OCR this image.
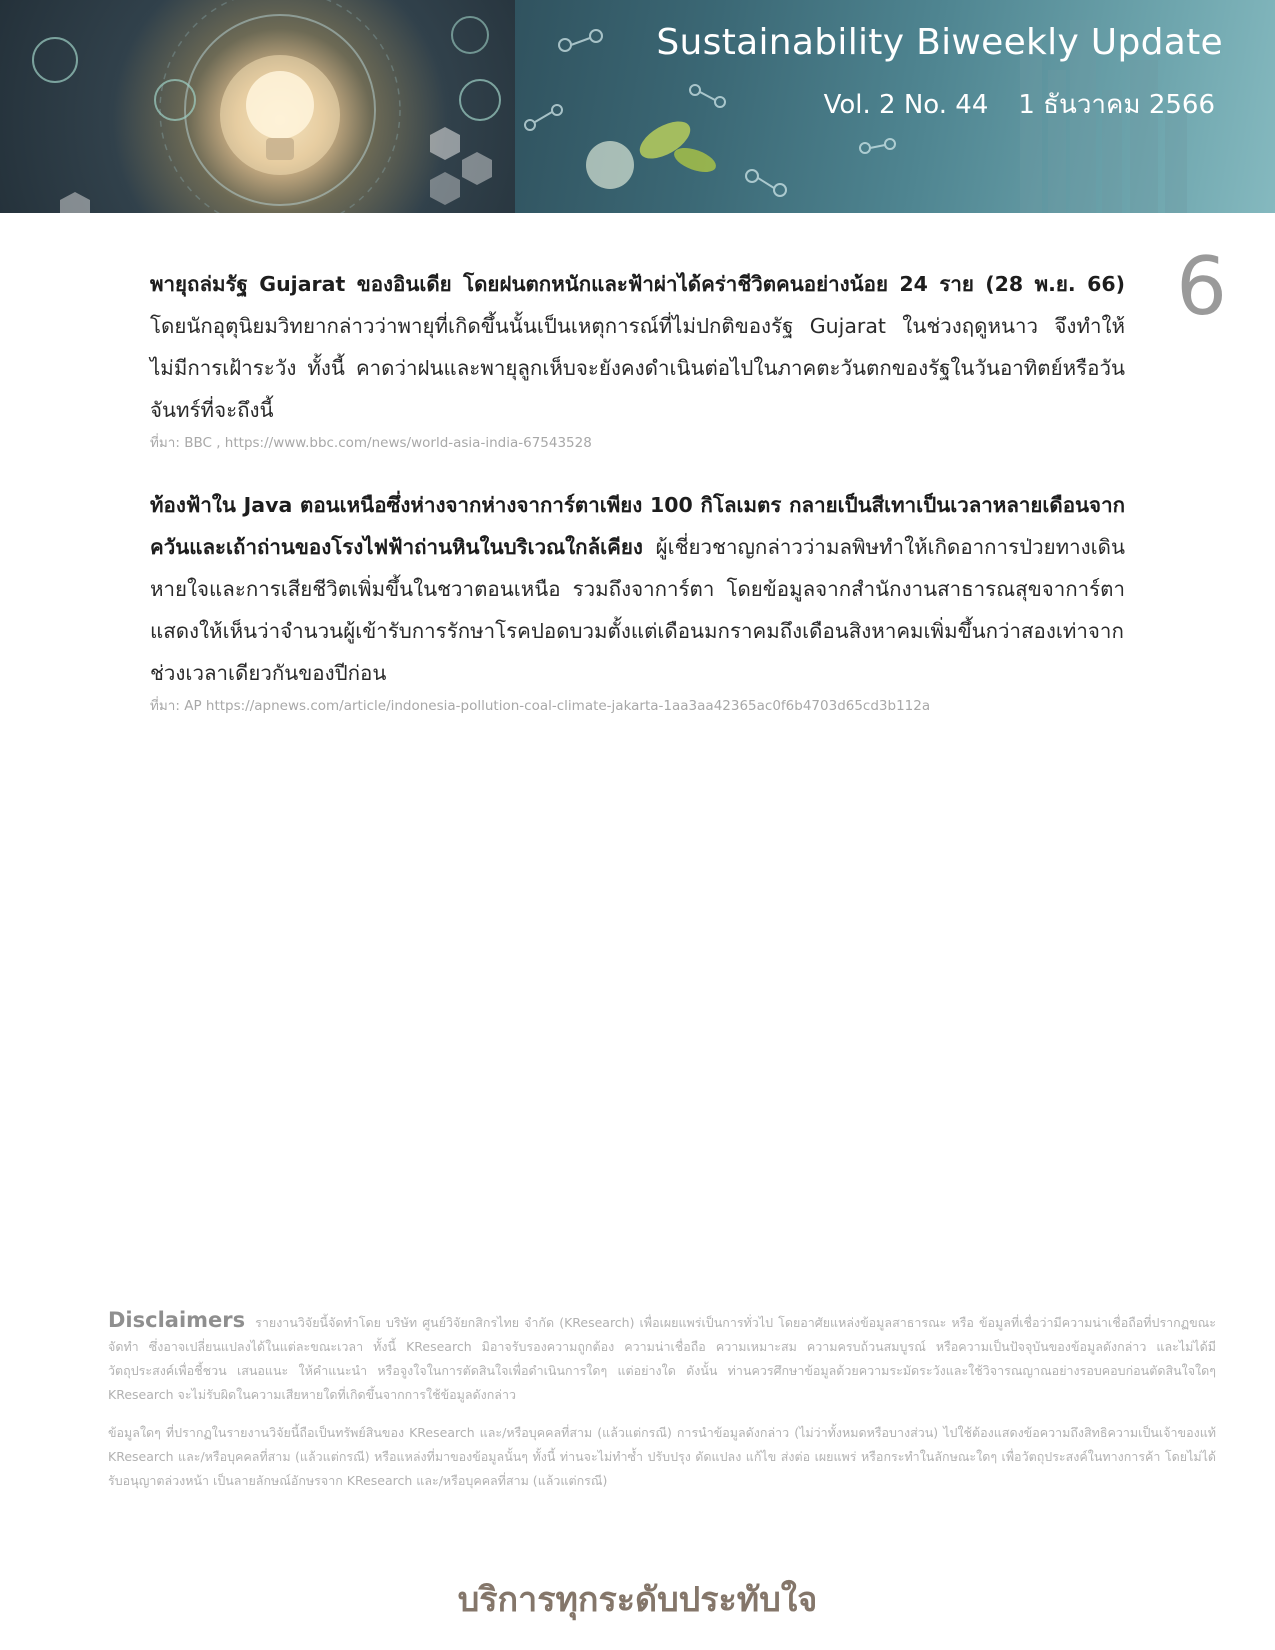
Sustainability Biweekly Update
Vol. 2 No. 44 1 ธันวาคม 2566
6

พายุถล่มรัฐ Gujarat ของอินเดีย โดยฝนตกหนักและฟ้าผ่าได้คร่าชีวิตคนอย่างน้อย 24 ราย (28 พ.ย. 66) โดยนักอุตุนิยมวิทยากล่าวว่าพายุที่เกิดขึ้นนั้นเป็นเหตุการณ์ที่ไม่ปกติของรัฐ Gujarat ในช่วงฤดูหนาว จึงทำให้ไม่มีการเฝ้าระวัง ทั้งนี้ คาดว่าฝนและพายุลูกเห็บจะยังคงดำเนินต่อไปในภาคตะวันตกของรัฐในวันอาทิตย์หรือวันจันทร์ที่จะถึงนี้

ที่มา: BBC , https://www.bbc.com/news/world-asia-india-67543528

ท้องฟ้าใน Java ตอนเหนือซึ่งห่างจากห่างจาการ์ตาเพียง 100 กิโลเมตร กลายเป็นสีเทาเป็นเวลาหลายเดือนจากควันและเถ้าถ่านของโรงไฟฟ้าถ่านหินในบริเวณใกล้เคียง ผู้เชี่ยวชาญกล่าวว่ามลพิษทำให้เกิดอาการป่วยทางเดินหายใจและการเสียชีวิตเพิ่มขึ้นในชวาตอนเหนือ รวมถึงจาการ์ตา โดยข้อมูลจากสำนักงานสาธารณสุขจาการ์ตาแสดงให้เห็นว่าจำนวนผู้เข้ารับการรักษาโรคปอดบวมตั้งแต่เดือนมกราคมถึงเดือนสิงหาคมเพิ่มขึ้นกว่าสองเท่าจากช่วงเวลาเดียวกันของปีก่อน

ที่มา: AP https://apnews.com/article/indonesia-pollution-coal-climate-jakarta-1aa3aa42365ac0f6b4703d65cd3b112a

Disclaimers รายงานวิจัยนี้จัดทำโดย บริษัท ศูนย์วิจัยกสิกรไทย จำกัด (KResearch) เพื่อเผยแพร่เป็นการทั่วไป โดยอาศัยแหล่งข้อมูลสาธารณะ หรือ ข้อมูลที่เชื่อว่ามีความน่าเชื่อถือที่ปรากฏขณะจัดทำ ซึ่งอาจเปลี่ยนแปลงได้ในแต่ละขณะเวลา ทั้งนี้ KResearch มิอาจรับรองความถูกต้อง ความน่าเชื่อถือ ความเหมาะสม ความครบถ้วนสมบูรณ์ หรือความเป็นปัจจุบันของข้อมูลดังกล่าว และไม่ได้มีวัตถุประสงค์เพื่อชี้ชวน เสนอแนะ ให้คำแนะนำ หรือจูงใจในการตัดสินใจเพื่อดำเนินการใดๆ แต่อย่างใด ดังนั้น ท่านควรศึกษาข้อมูลด้วยความระมัดระวังและใช้วิจารณญาณอย่างรอบคอบก่อนตัดสินใจใดๆ KResearch จะไม่รับผิดในความเสียหายใดที่เกิดขึ้นจากการใช้ข้อมูลดังกล่าว

ข้อมูลใดๆ ที่ปรากฏในรายงานวิจัยนี้ถือเป็นทรัพย์สินของ KResearch และ/หรือบุคคลที่สาม (แล้วแต่กรณี) การนำข้อมูลดังกล่าว (ไม่ว่าทั้งหมดหรือบางส่วน) ไปใช้ต้องแสดงข้อความถึงสิทธิความเป็นเจ้าของแท้ KResearch และ/หรือบุคคลที่สาม (แล้วแต่กรณี) หรือแหล่งที่มาของข้อมูลนั้นๆ ทั้งนี้ ท่านจะไม่ทำซ้ำ ปรับปรุง ดัดแปลง แก้ไข ส่งต่อ เผยแพร่ หรือกระทำในลักษณะใดๆ เพื่อวัตถุประสงค์ในทางการค้า โดยไม่ได้รับอนุญาตล่วงหน้า เป็นลายลักษณ์อักษรจาก KResearch และ/หรือบุคคลที่สาม (แล้วแต่กรณี)

บริการทุกระดับประทับใจ
